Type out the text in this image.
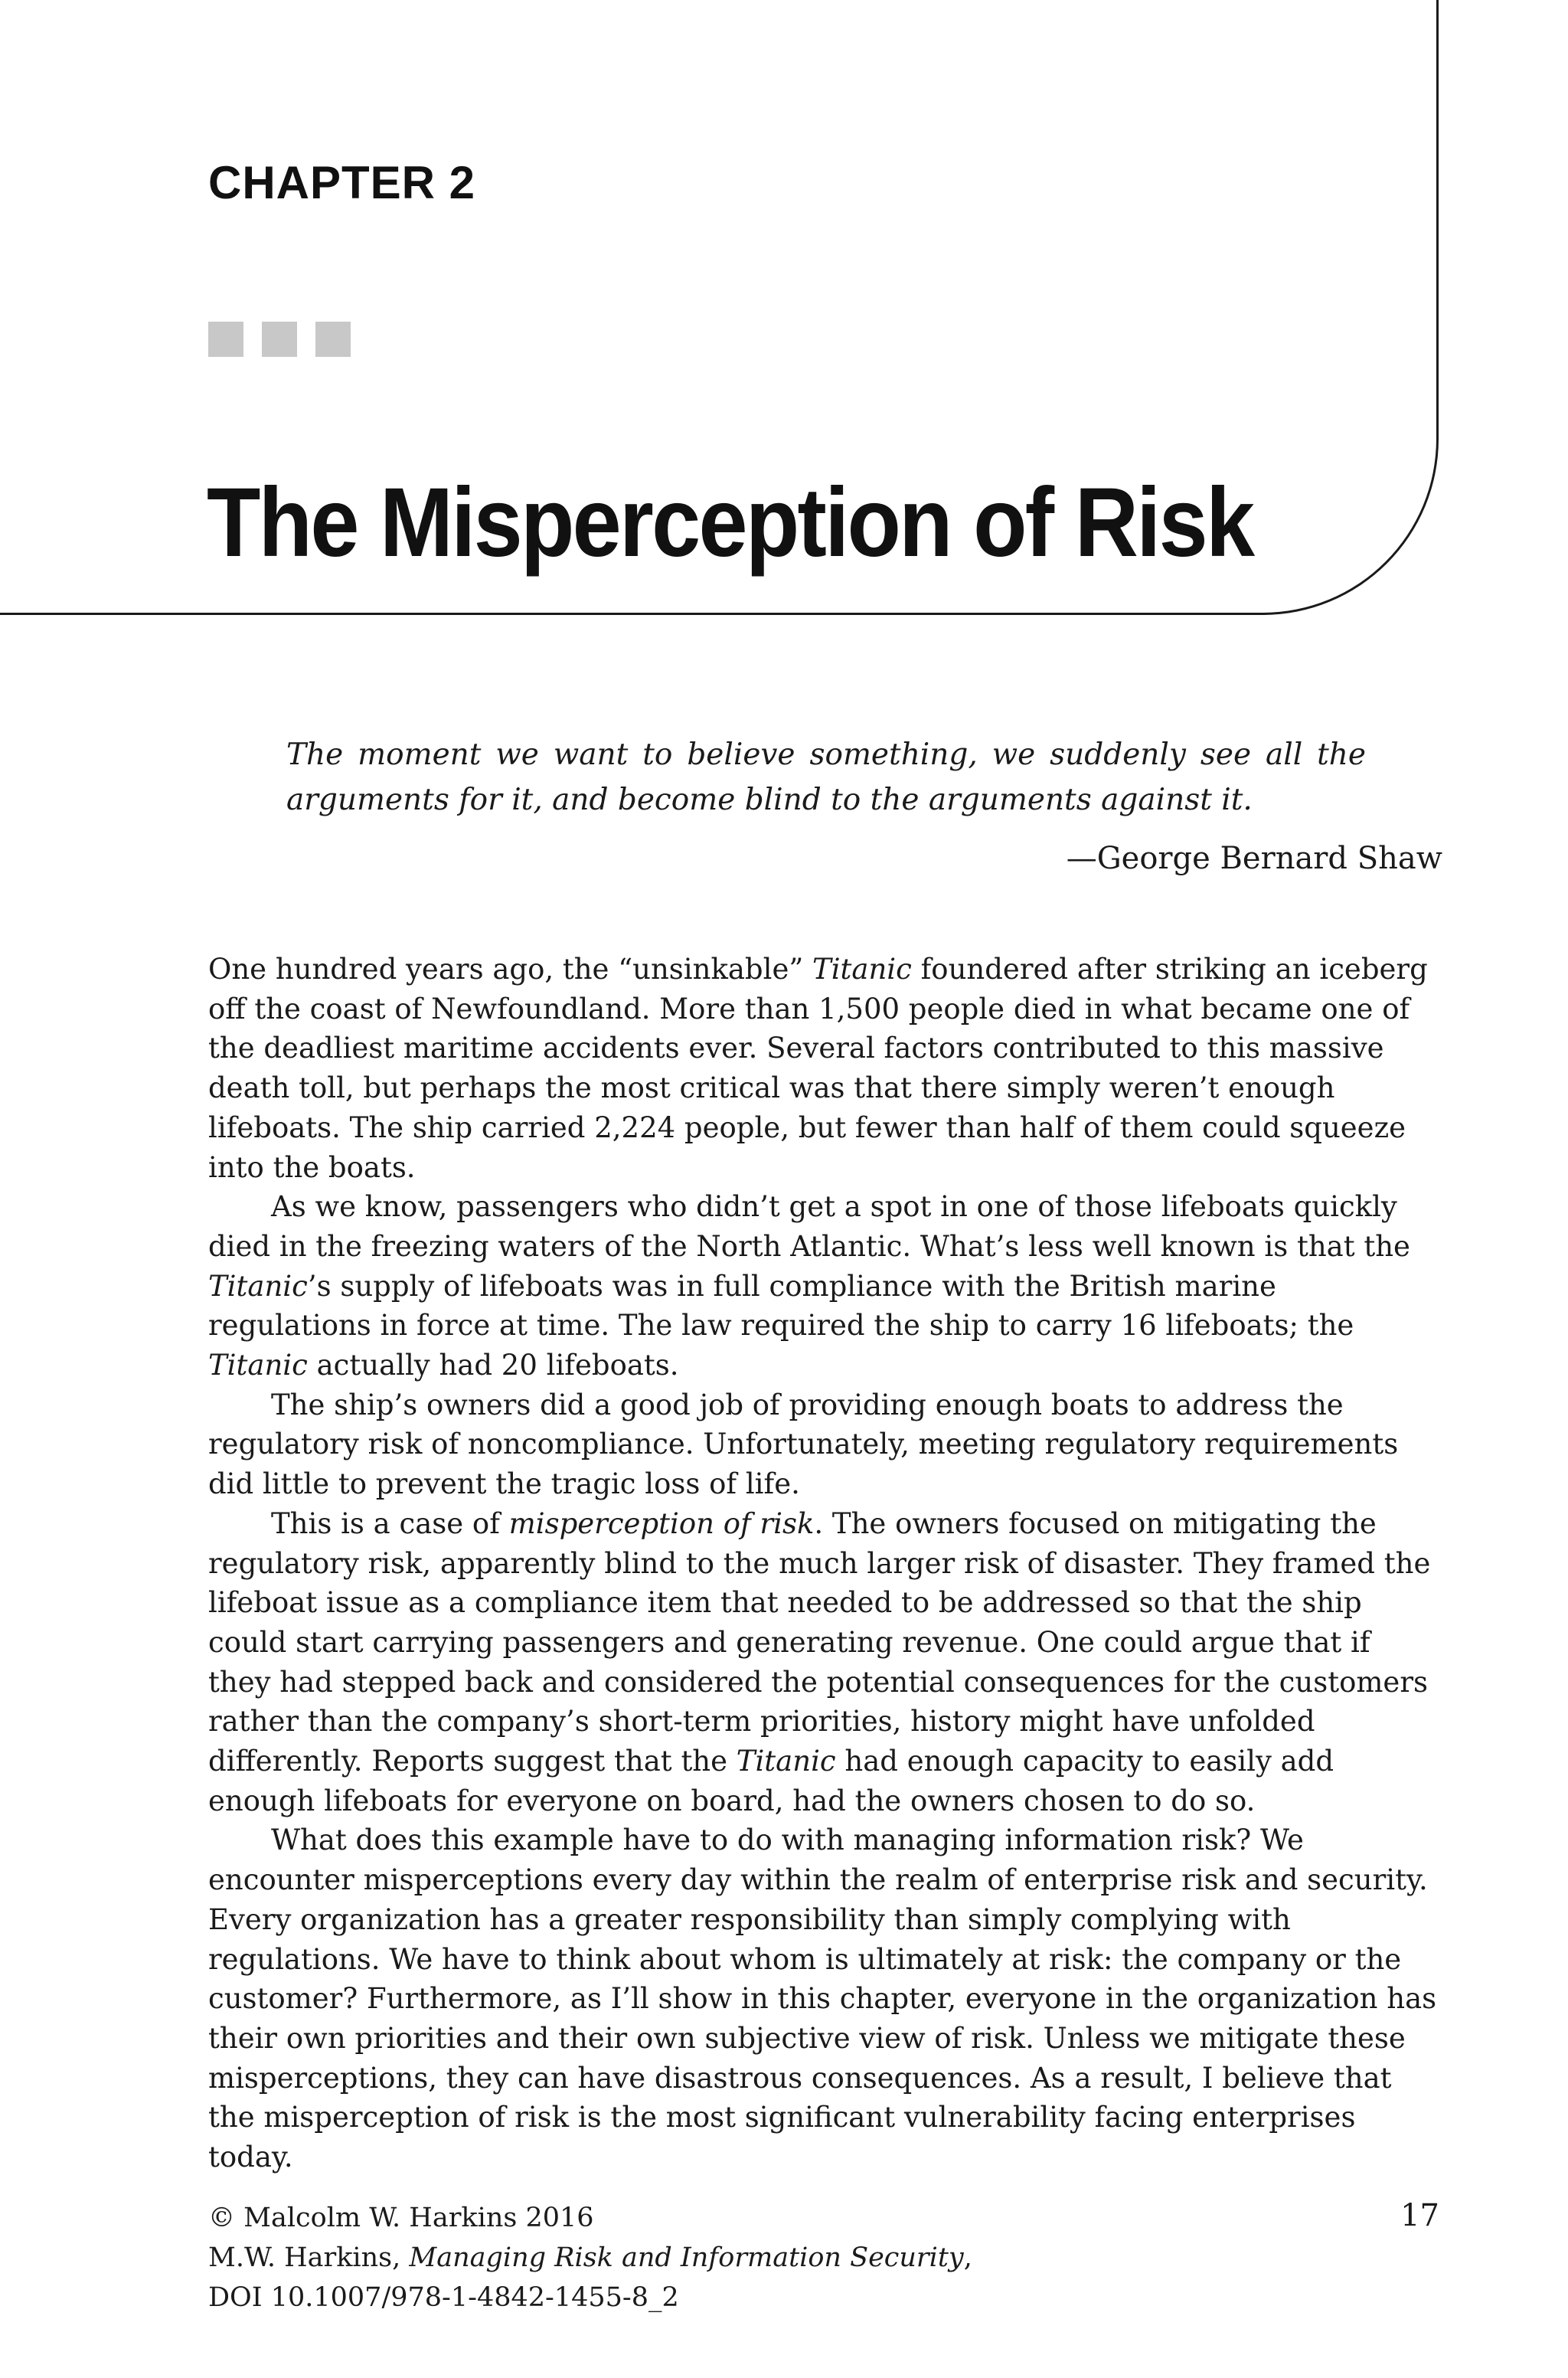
CHAPTER 2
The Misperception of Risk

The moment we want to believe something, we suddenly see all the arguments for it, and become blind to the arguments against it.

—George Bernard Shaw

One hundred years ago, the “unsinkable” Titanic foundered after striking an iceberg off the coast of Newfoundland. More than 1,500 people died in what became one of the deadliest maritime accidents ever. Several factors contributed to this massive death toll, but perhaps the most critical was that there simply weren’t enough lifeboats. The ship carried 2,224 people, but fewer than half of them could squeeze into the boats.

As we know, passengers who didn’t get a spot in one of those lifeboats quickly died in the freezing waters of the North Atlantic. What’s less well known is that the Titanic’s supply of lifeboats was in full compliance with the British marine regulations in force at time. The law required the ship to carry 16 lifeboats; the Titanic actually had 20 lifeboats.

The ship’s owners did a good job of providing enough boats to address the regulatory risk of noncompliance. Unfortunately, meeting regulatory requirements did little to prevent the tragic loss of life.

This is a case of misperception of risk. The owners focused on mitigating the regulatory risk, apparently blind to the much larger risk of disaster. They framed the lifeboat issue as a compliance item that needed to be addressed so that the ship could start carrying passengers and generating revenue. One could argue that if they had stepped back and considered the potential consequences for the customers rather than the company’s short-term priorities, history might have unfolded differently. Reports suggest that the Titanic had enough capacity to easily add enough lifeboats for everyone on board, had the owners chosen to do so.

What does this example have to do with managing information risk? We encounter misperceptions every day within the realm of enterprise risk and security. Every organization has a greater responsibility than simply complying with regulations. We have to think about whom is ultimately at risk: the company or the customer? Furthermore, as I’ll show in this chapter, everyone in the organization has their own priorities and their own subjective view of risk. Unless we mitigate these misperceptions, they can have disastrous consequences. As a result, I believe that the misperception of risk is the most significant vulnerability facing enterprises today.

© Malcolm W. Harkins 2016
M.W. Harkins, Managing Risk and Information Security,
DOI 10.1007/978-1-4842-1455-8_2
17
